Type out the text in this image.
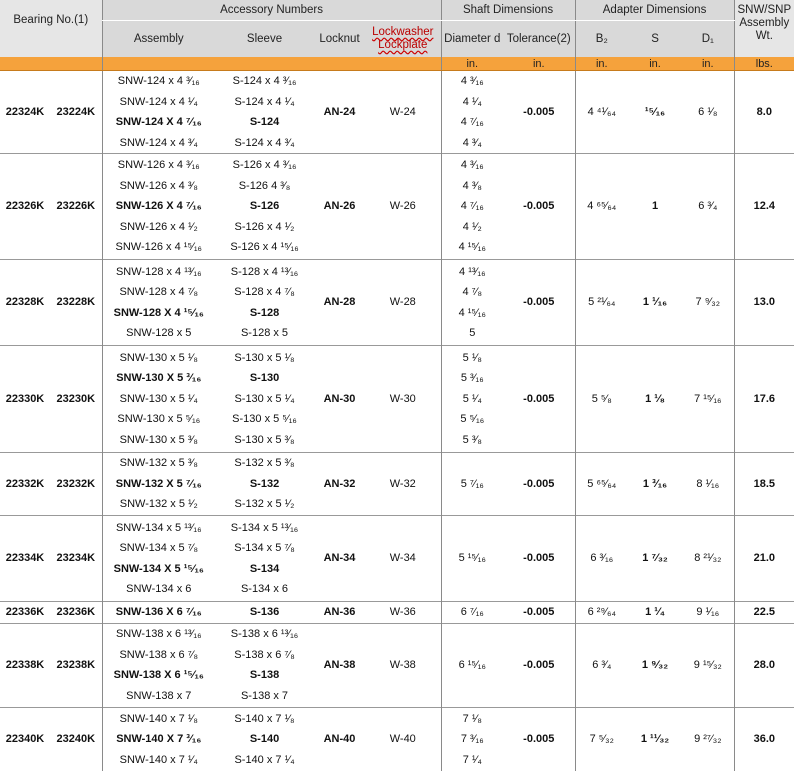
Bearing No.(1)		Accessory Numbers				Shaft Dimensions		Adapter Dimensions			SNW/SNP Assembly Wt.
		Assembly	Sleeve	Locknut	Lockwasher Lockplate	Diameter d	Tolerance(2)	B₂	S	D₁	
						in.	in.	in.	in.	in.	lbs.
22324K	23224K	SNW-124 x 4 ³⁄₁₆
SNW-124 x 4 ¹⁄₄
SNW-124 X 4 ⁷⁄₁₆
SNW-124 x 4 ³⁄₄	S-124 x 4 ³⁄₁₆
S-124 x 4 ¹⁄₄
S-124
S-124 x 4 ³⁄₄	AN-24	W-24	4 ³⁄₁₆
4 ¹⁄₄
4 ⁷⁄₁₆
4 ³⁄₄	-0.005	4 ⁴¹⁄₆₄	¹⁵⁄₁₆	6 ¹⁄₈	8.0
22326K	23226K	SNW-126 x 4 ³⁄₁₆
SNW-126 x 4 ³⁄₈
SNW-126 X 4 ⁷⁄₁₆
SNW-126 x 4 ¹⁄₂
SNW-126 x 4 ¹⁵⁄₁₆	S-126 x 4 ³⁄₁₆
S-126 4 ³⁄₈
S-126
S-126 x 4 ¹⁄₂
S-126 x 4 ¹⁵⁄₁₆	AN-26	W-26	4 ³⁄₁₆
4 ³⁄₈
4 ⁷⁄₁₆
4 ¹⁄₂
4 ¹⁵⁄₁₆	-0.005	4 ⁶⁵⁄₆₄	1	6 ³⁄₄	12.4
22328K	23228K	SNW-128 x 4 ¹³⁄₁₆
SNW-128 x 4 ⁷⁄₈
SNW-128 X 4 ¹⁵⁄₁₆
SNW-128 x 5	S-128 x 4 ¹³⁄₁₆
S-128 x 4 ⁷⁄₈
S-128
S-128 x 5	AN-28	W-28	4 ¹³⁄₁₆
4 ⁷⁄₈
4 ¹⁵⁄₁₆
5	-0.005	5 ²¹⁄₆₄	1 ¹⁄₁₆	7 ⁹⁄₃₂	13.0
22330K	23230K	SNW-130 x 5 ¹⁄₈
SNW-130 X 5 ³⁄₁₆
SNW-130 x 5 ¹⁄₄
SNW-130 x 5 ⁵⁄₁₆
SNW-130 x 5 ³⁄₈	S-130 x 5 ¹⁄₈
S-130
S-130 x 5 ¹⁄₄
S-130 x 5 ⁵⁄₁₆
S-130 x 5 ³⁄₈	AN-30	W-30	5 ¹⁄₈
5 ³⁄₁₆
5 ¹⁄₄
5 ⁵⁄₁₆
5 ³⁄₈	-0.005	5 ⁵⁄₈	1 ¹⁄₈	7 ¹⁵⁄₁₆	17.6
22332K	23232K	SNW-132 x 5 ³⁄₈
SNW-132 X 5 ⁷⁄₁₆
SNW-132 x 5 ¹⁄₂	S-132 x 5 ³⁄₈
S-132
S-132 x 5 ¹⁄₂	AN-32	W-32	5 ⁷⁄₁₆	-0.005	5 ⁶⁵⁄₆₄	1 ³⁄₁₆	8 ¹⁄₁₆	18.5
22334K	23234K	SNW-134 x 5 ¹³⁄₁₆
SNW-134 x 5 ⁷⁄₈
SNW-134 X 5 ¹⁵⁄₁₆
SNW-134 x 6	S-134 x 5 ¹³⁄₁₆
S-134 x 5 ⁷⁄₈
S-134
S-134 x 6	AN-34	W-34	5 ¹⁵⁄₁₆	-0.005	6 ³⁄₁₆	1 ⁷⁄₃₂	8 ²¹⁄₃₂	21.0
22336K	23236K	SNW-136 X 6 ⁷⁄₁₆	S-136	AN-36	W-36	6 ⁷⁄₁₆	-0.005	6 ²⁹⁄₆₄	1 ¹⁄₄	9 ¹⁄₁₆	22.5
22338K	23238K	SNW-138 x 6 ¹³⁄₁₆
SNW-138 x 6 ⁷⁄₈
SNW-138 X 6 ¹⁵⁄₁₆
SNW-138 x 7	S-138 x 6 ¹³⁄₁₆
S-138 x 6 ⁷⁄₈
S-138
S-138 x 7	AN-38	W-38	6 ¹⁵⁄₁₆	-0.005	6 ³⁄₄	1 ⁹⁄₃₂	9 ¹⁵⁄₃₂	28.0
22340K	23240K	SNW-140 x 7 ¹⁄₈
SNW-140 X 7 ³⁄₁₆
SNW-140 x 7 ¹⁄₄	S-140 x 7 ¹⁄₈
S-140
S-140 x 7 ¹⁄₄	AN-40	W-40	7 ¹⁄₈
7 ³⁄₁₆
7 ¹⁄₄	-0.005	7 ⁵⁄₃₂	1 ¹¹⁄₃₂	9 ²⁷⁄₃₂	36.0
